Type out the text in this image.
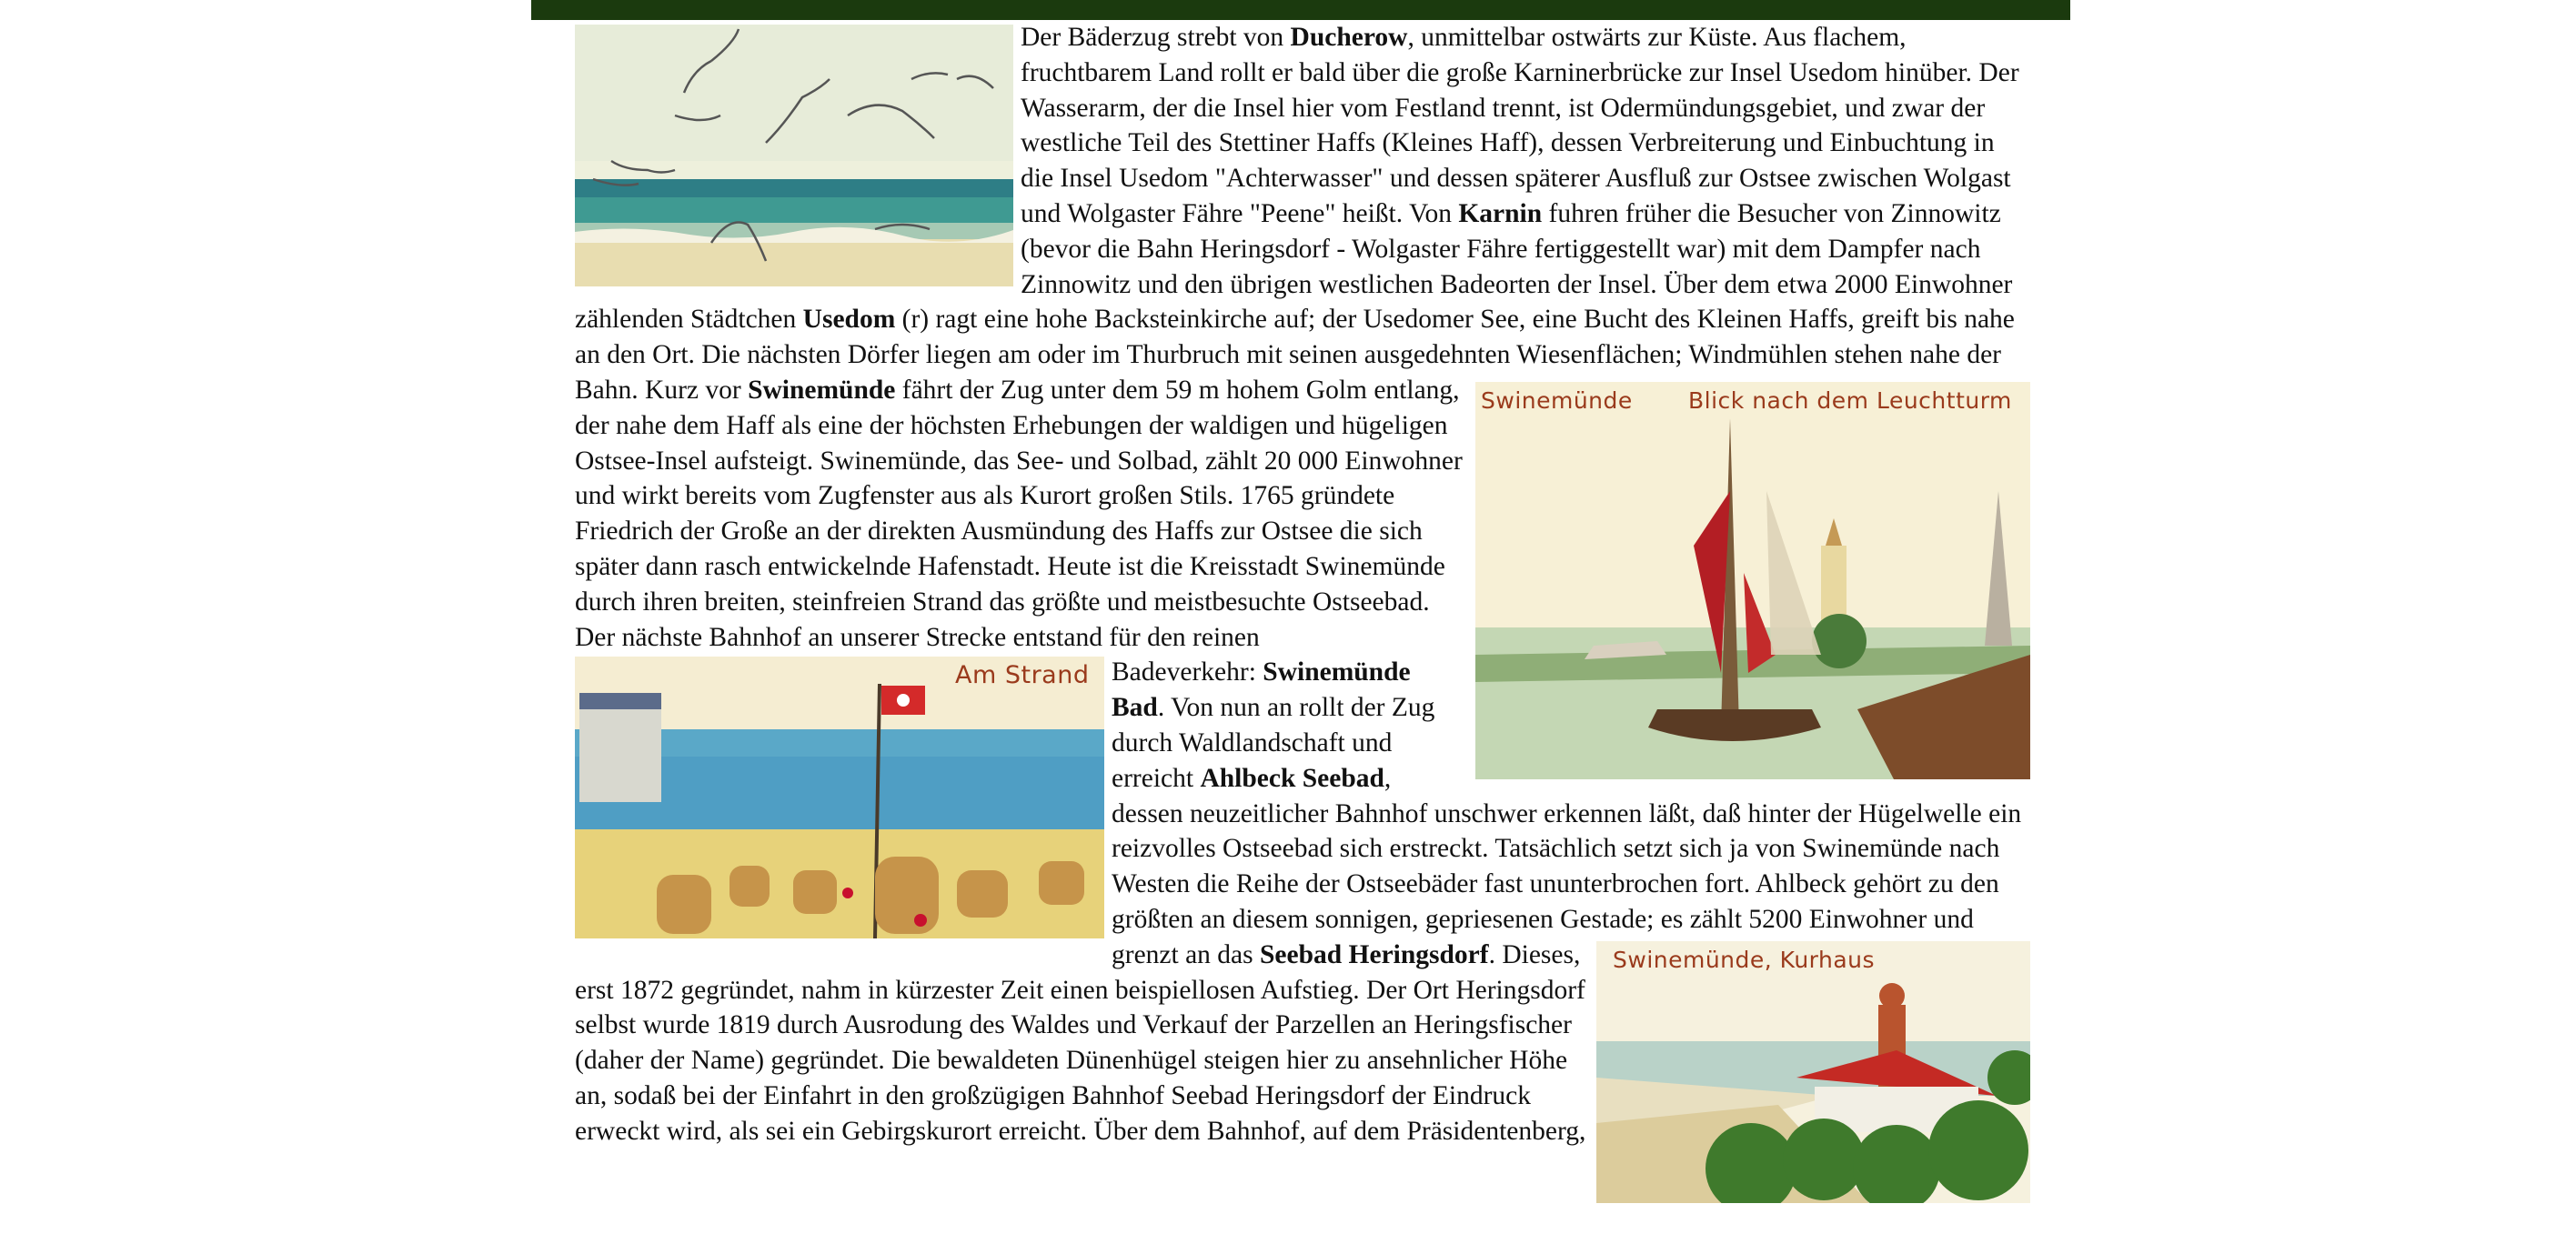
Der Bäderzug strebt von Ducherow, unmittelbar ostwärts zur Küste. Aus flachem, fruchtbarem Land rollt er bald über die große Karninerbrücke zur Insel Usedom hinüber. Der Wasserarm, der die Insel hier vom Festland trennt, ist Odermündungsgebiet, und zwar der westliche Teil des Stettiner Haffs (Kleines Haff), dessen Verbreiterung und Einbuchtung in die Insel Usedom "Achterwasser" und dessen späterer Ausfluß zur Ostsee zwischen Wolgast und Wolgaster Fähre "Peene" heißt. Von Karnin fuhren früher die Besucher von Zinnowitz (bevor die Bahn Heringsdorf - Wolgaster Fähre fertiggestellt war) mit dem Dampfer nach Zinnowitz und den übrigen westlichen Badeorten der Insel. Über dem etwa 2000 Einwohner zählenden Städtchen Usedom (r) ragt eine hohe Backsteinkirche auf; der Usedomer See, eine Bucht des Kleinen Haffs, greift bis nahe an den Ort. Die nächsten Dörfer liegen am oder im Thurbruch mit seinen ausgedehnten Wiesenflächen; Windmühlen stehen nahe der Bahn. Kurz vor	Swinemünde Blick nach dem Leuchtturm
Swinemünde fährt der Zug unter dem 59 m hohem Golm entlang, der nahe dem Haff als eine der höchsten Erhebungen der waldigen und hügeligen Ostsee-Insel aufsteigt. Swinemünde, das See- und Solbad, zählt 20 000 Einwohner und wirkt bereits vom Zugfenster aus als Kurort großen Stils. 1765 gründete Friedrich der Große an der direkten Ausmündung des Haffs zur Ostsee die sich später dann rasch entwickelnde Hafenstadt. Heute ist die Kreisstadt Swinemünde durch ihren breiten, steinfreien Strand das größte und meistbesuchte Ostseebad. Der nächste Bahnhof an unserer Strecke entstand für den reinen

Am Strand Badeverkehr: Swinemünde Bad. Von nun an rollt der Zug durch Waldlandschaft und erreicht Ahlbeck Seebad, dessen neuzeitlicher Bahnhof unschwer erkennen läßt, daß hinter der Hügelwelle ein reizvolles Ostseebad sich erstreckt. Tatsächlich setzt sich ja von Swinemünde nach Westen die Reihe der Ostseebäder fast ununterbrochen fort. Ahlbeck gehört zu den größten an diesem sonnigen, gepriesenen Gestade; es zählt 5200 Einwohner und grenzt an das	Swinemünde, Kurhaus
Seebad Heringsdorf. Dieses, erst 1872 gegründet, nahm in kürzester Zeit einen beispiellosen Aufstieg. Der Ort Heringsdorf selbst wurde 1819 durch Ausrodung des Waldes und Verkauf der Parzellen an Heringsfischer (daher der Name) gegründet. Die bewaldeten Dünenhügel steigen hier zu ansehnlicher Höhe an, sodaß bei der Einfahrt in den großzügigen Bahnhof Seebad Heringsdorf der Eindruck erweckt wird, als sei ein Gebirgskurort erreicht. Über dem Bahnhof, auf dem Präsidentenberg,
